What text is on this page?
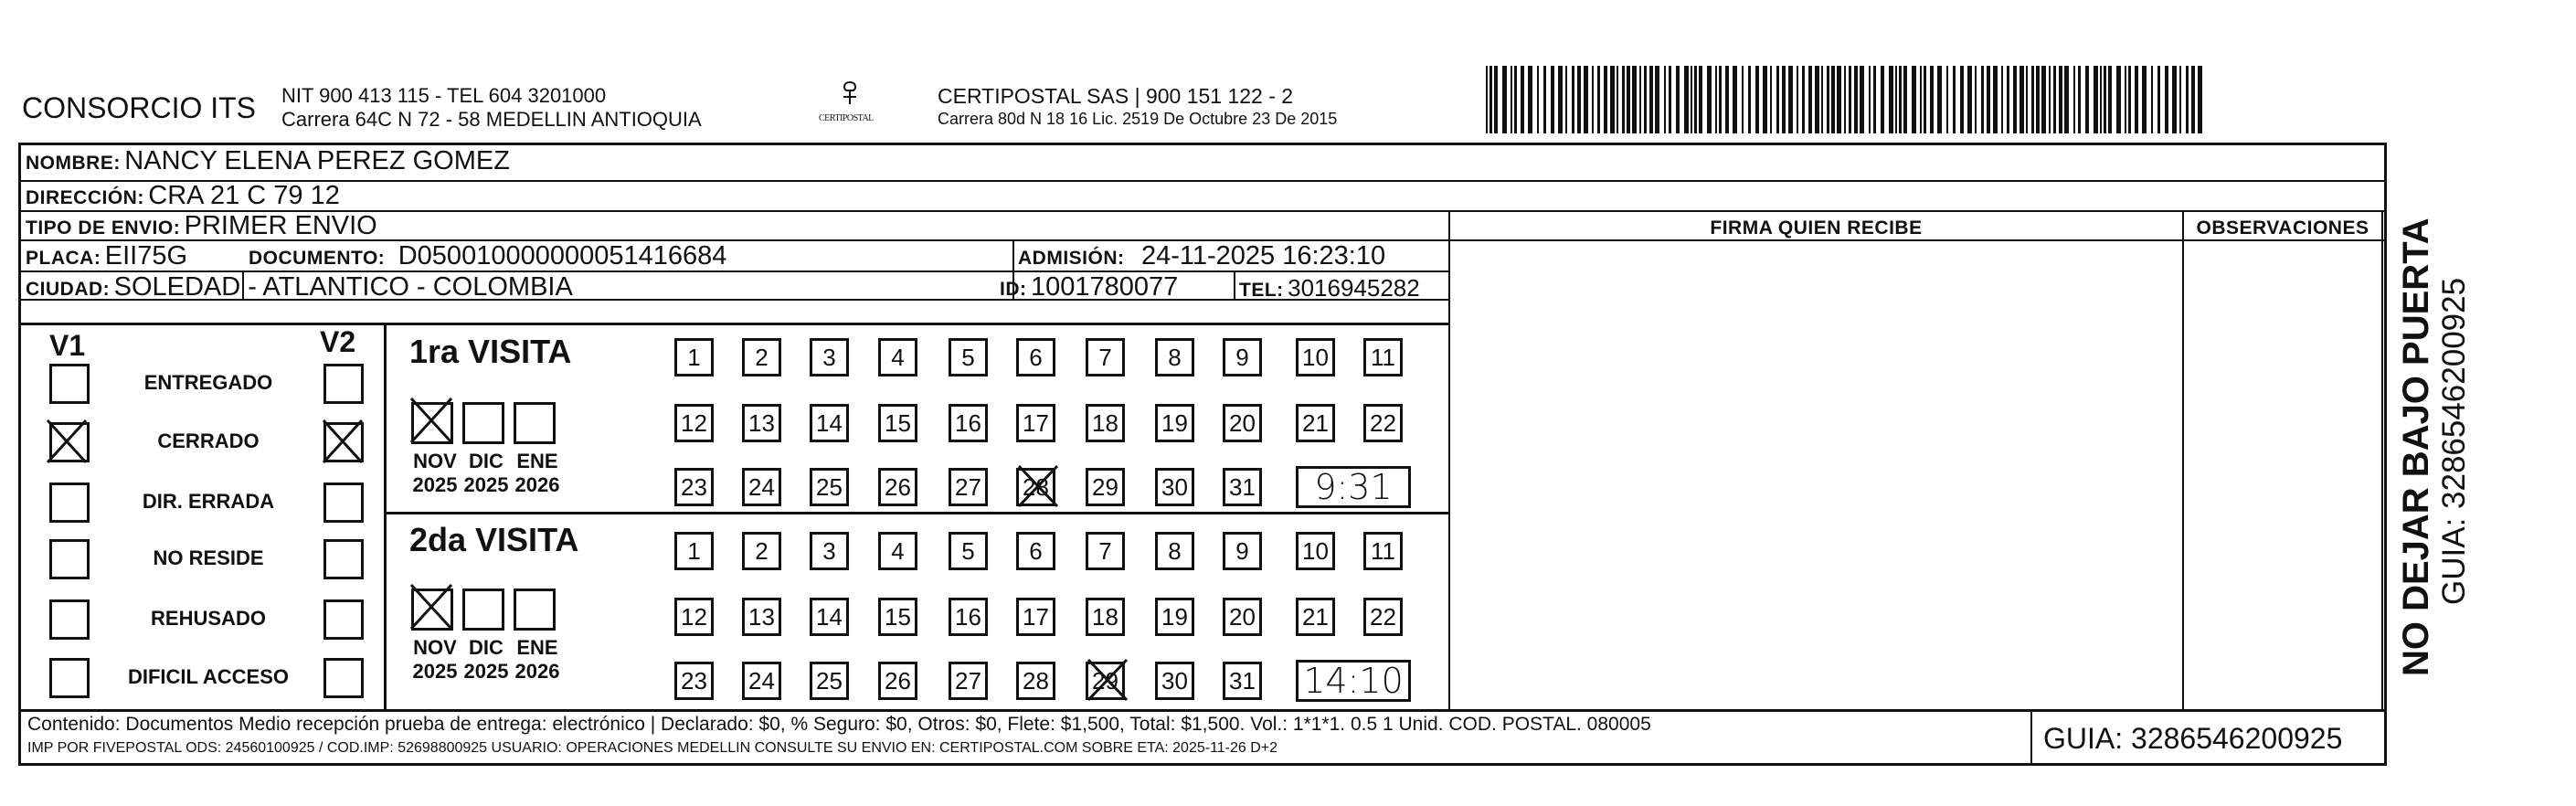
CONSORCIO ITS NIT 900 413 115 - TEL 604 3201000
Carrera 64C N 72 - 58 MEDELLIN ANTIOQUIA	CERTIPOSTAL
CERTIPOSTAL SAS | 900 151 122 - 2
Carrera 80d N 18 16 Lic. 2519 De Octubre 23 De 2015
NOMBRE: NANCY ELENA PEREZ GOMEZ
DIRECCIÓN: CRA 21 C 79 12
TIPO DE ENVIO: PRIMER ENVIO
PLACA: EII75G	DOCUMENTO: D050010000000051416684	ADMISIÓN: 24-11-2025 16:23:10
CIUDAD: SOLEDAD - ATLANTICO - COLOMBIA	ID: 1001780077	TEL: 3016945282
FIRMA QUIEN RECIBE	OBSERVACIONES
V1	V2
ENTREGADO
CERRADO
DIR. ERRADA
NO RESIDE
REHUSADO
DIFICIL ACCESO
1ra VISITA
NOV
2025
DIC
2025
ENE
2026
1	2	3	4	5	6	7	8	9	10	11
12 13 14 15 16 17 18 19 20 21 22
23 24 25 26 27 28 29 30 31	9:31
2da VISITA
NOV
2025
DIC
2025
ENE
2026
1	2	3	4	5	6	7	8	9	10	11
12 13 14 15 16 17 18 19 20 21 22
23 24 25 26 27 28 29 30 31 14:10
Contenido: Documentos Medio recepción prueba de entrega: electrónico | Declarado: $0, % Seguro: $0, Otros: $0, Flete: $1,500, Total: $1,500. Vol.: 1*1*1. 0.5 1 Unid. COD. POSTAL. 080005
IMP POR FIVEPOSTAL ODS: 24560100925 / COD.IMP: 52698800925 USUARIO: OPERACIONES MEDELLIN CONSULTE SU ENVIO EN: CERTIPOSTAL.COM SOBRE ETA: 2025-11-26 D+2	GUIA: 3286546200925
NO DEJAR BAJO PUERTA GUIA: 3286546200925
